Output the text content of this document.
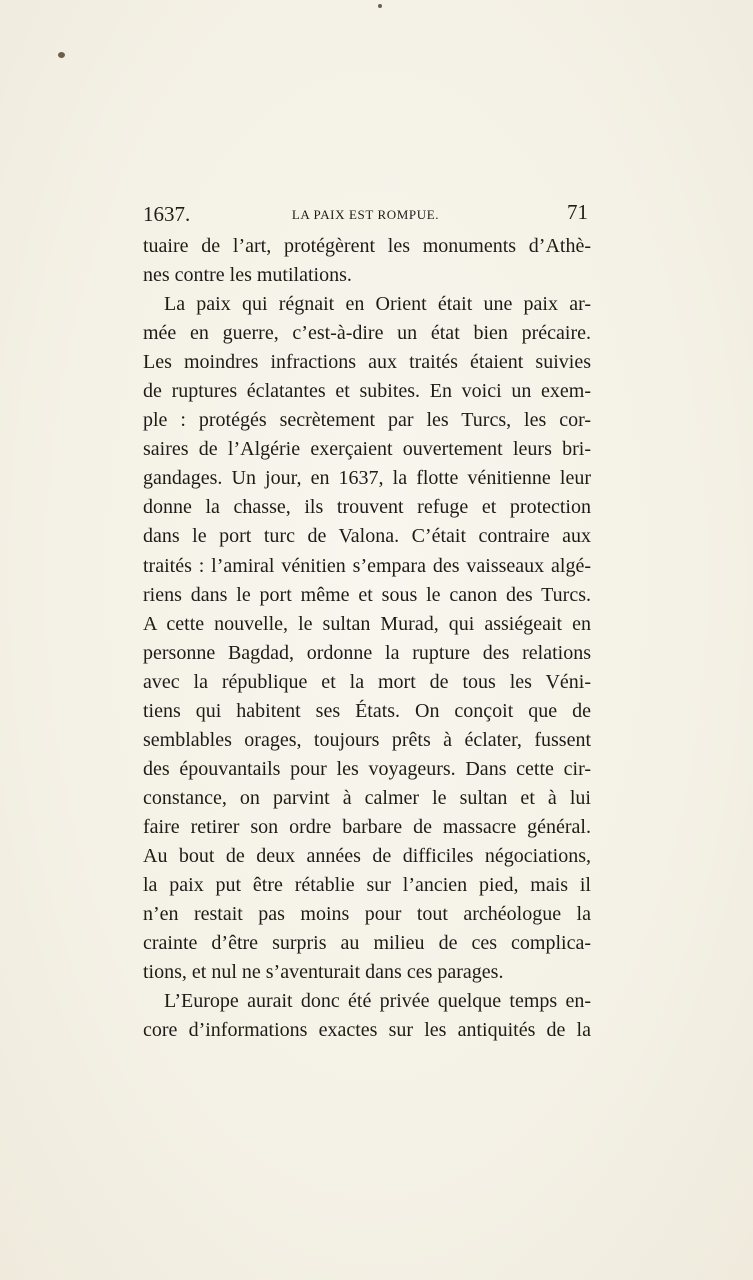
1637.	LA PAIX EST ROMPUE.	71
tuaire de l’art, protégèrent les monuments d’Athè-
nes contre les mutilations.
La paix qui régnait en Orient était une paix ar-
mée en guerre, c’est-à-dire un état bien précaire.
Les moindres infractions aux traités étaient suivies
de ruptures éclatantes et subites. En voici un exem-
ple : protégés secrètement par les Turcs, les cor-
saires de l’Algérie exerçaient ouvertement leurs bri-
gandages. Un jour, en 1637, la flotte vénitienne leur
donne la chasse, ils trouvent refuge et protection
dans le port turc de Valona. C’était contraire aux
traités : l’amiral vénitien s’empara des vaisseaux algé-
riens dans le port même et sous le canon des Turcs.
A cette nouvelle, le sultan Murad, qui assiégeait en
personne Bagdad, ordonne la rupture des relations
avec la république et la mort de tous les Véni-
tiens qui habitent ses États. On conçoit que de
semblables orages, toujours prêts à éclater, fussent
des épouvantails pour les voyageurs. Dans cette cir-
constance, on parvint à calmer le sultan et à lui
faire retirer son ordre barbare de massacre général.
Au bout de deux années de difficiles négociations,
la paix put être rétablie sur l’ancien pied, mais il
n’en restait pas moins pour tout archéologue la
crainte d’être surpris au milieu de ces complica-
tions, et nul ne s’aventurait dans ces parages.
L’Europe aurait donc été privée quelque temps en-
core d’informations exactes sur les antiquités de la
